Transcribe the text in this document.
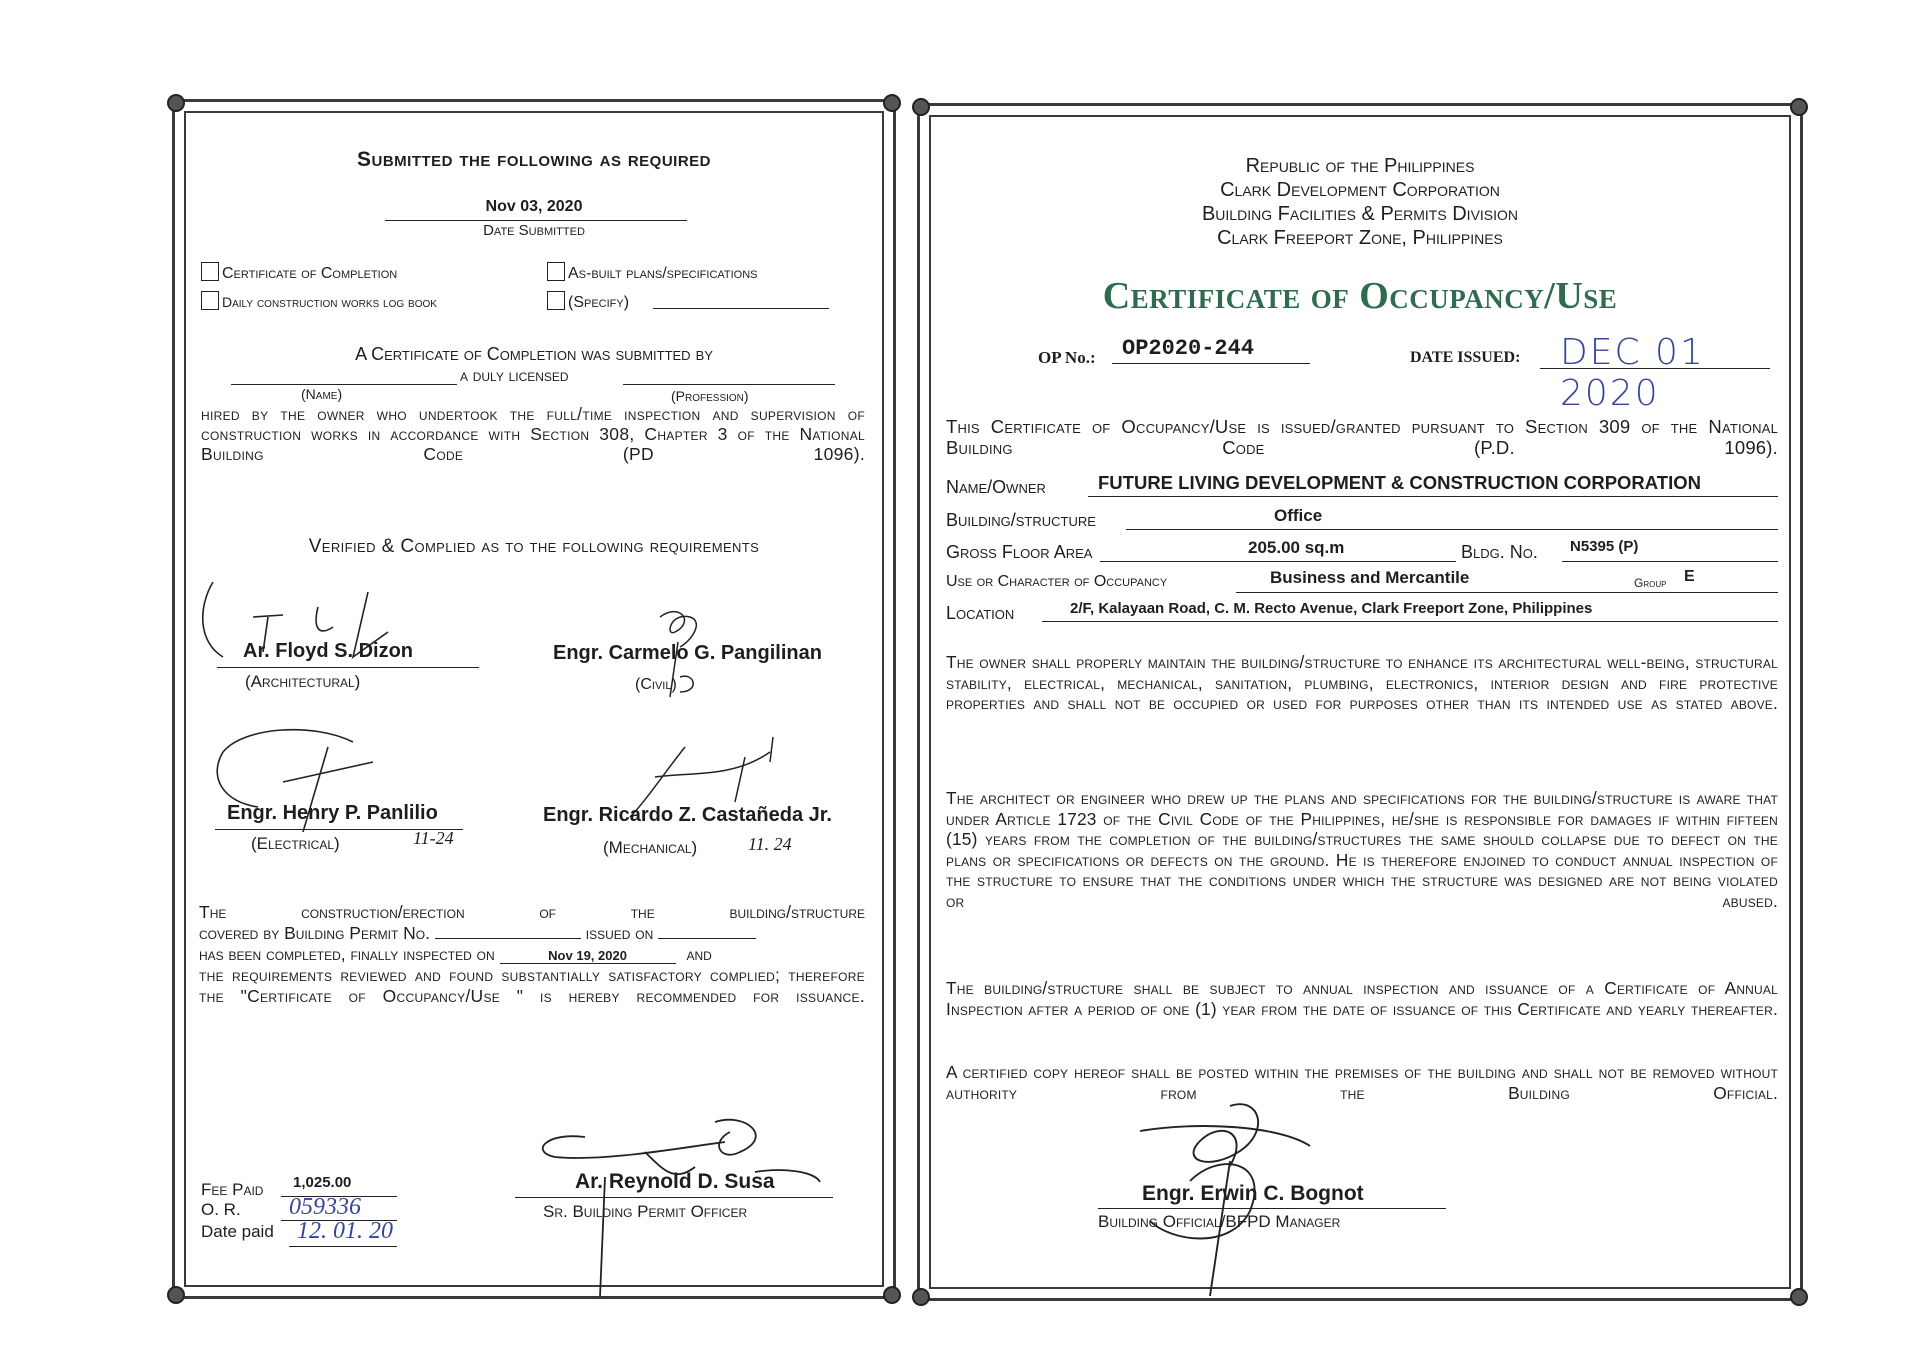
Submitted the following as required
Nov 03, 2020
Date Submitted
Certificate of Completion	As-built plans/specifications
Daily construction works log book	(Specify)
A Certificate of Completion was submitted by
a duly licensed
(Name)	(Profession)
hired by the owner who undertook the full/time inspection and supervision of construction works in accordance with Section 308, Chapter 3 of the National Building Code (PD 1096).
Verified & Complied as to the following requirements
Ar. Floyd S. Dizon
(Architectural)
Engr. Carmelo G. Pangilinan
(Civil)
Engr. Henry P. Panlilio
(Electrical)	11-24
Engr. Ricardo Z. Castañeda Jr.
(Mechanical)	11. 24
The construction/erection of the building/structure
covered by Building Permit No.	issued on
has been completed, finally inspected on	Nov 19, 2020	and
the requirements reviewed and found substantially satisfactory complied; therefore the "Certificate of Occupancy/Use " is hereby recommended for issuance.
Fee Paid 1,025.00
O. R. 059336
Date paid 12. 01. 20
Ar. Reynold D. Susa
Sr. Building Permit Officer
Republic of the Philippines
Clark Development Corporation
Building Facilities & Permits Division
Clark Freeport Zone, Philippines
Certificate of Occupancy/Use
OP No.: OP2020-244	DATE ISSUED: DEC 01 2020
This Certificate of Occupancy/Use is issued/granted pursuant to Section 309 of the National Building Code (P.D. 1096).
Name/Owner	FUTURE LIVING DEVELOPMENT & CONSTRUCTION CORPORATION
Building/structure	Office
Gross Floor Area	205.00 sq.m	Bldg. No. N5395 (P)
Use or Character of Occupancy	Business and Mercantile	Group E
Location	2/F, Kalayaan Road, C. M. Recto Avenue, Clark Freeport Zone, Philippines
The owner shall properly maintain the building/structure to enhance its architectural well-being, structural stability, electrical, mechanical, sanitation, plumbing, electronics, interior design and fire protective properties and shall not be occupied or used for purposes other than its intended use as stated above.
The architect or engineer who drew up the plans and specifications for the building/structure is aware that under Article 1723 of the Civil Code of the Philippines, he/she is responsible for damages if within fifteen (15) years from the completion of the building/structures the same should collapse due to defect on the plans or specifications or defects on the ground. He is therefore enjoined to conduct annual inspection of the structure to ensure that the conditions under which the structure was designed are not being violated or abused.
The building/structure shall be subject to annual inspection and issuance of a Certificate of Annual Inspection after a period of one (1) year from the date of issuance of this Certificate and yearly thereafter.
A certified copy hereof shall be posted within the premises of the building and shall not be removed without authority from the Building Official.
Engr. Erwin C. Bognot
Building Official/BFPD Manager
